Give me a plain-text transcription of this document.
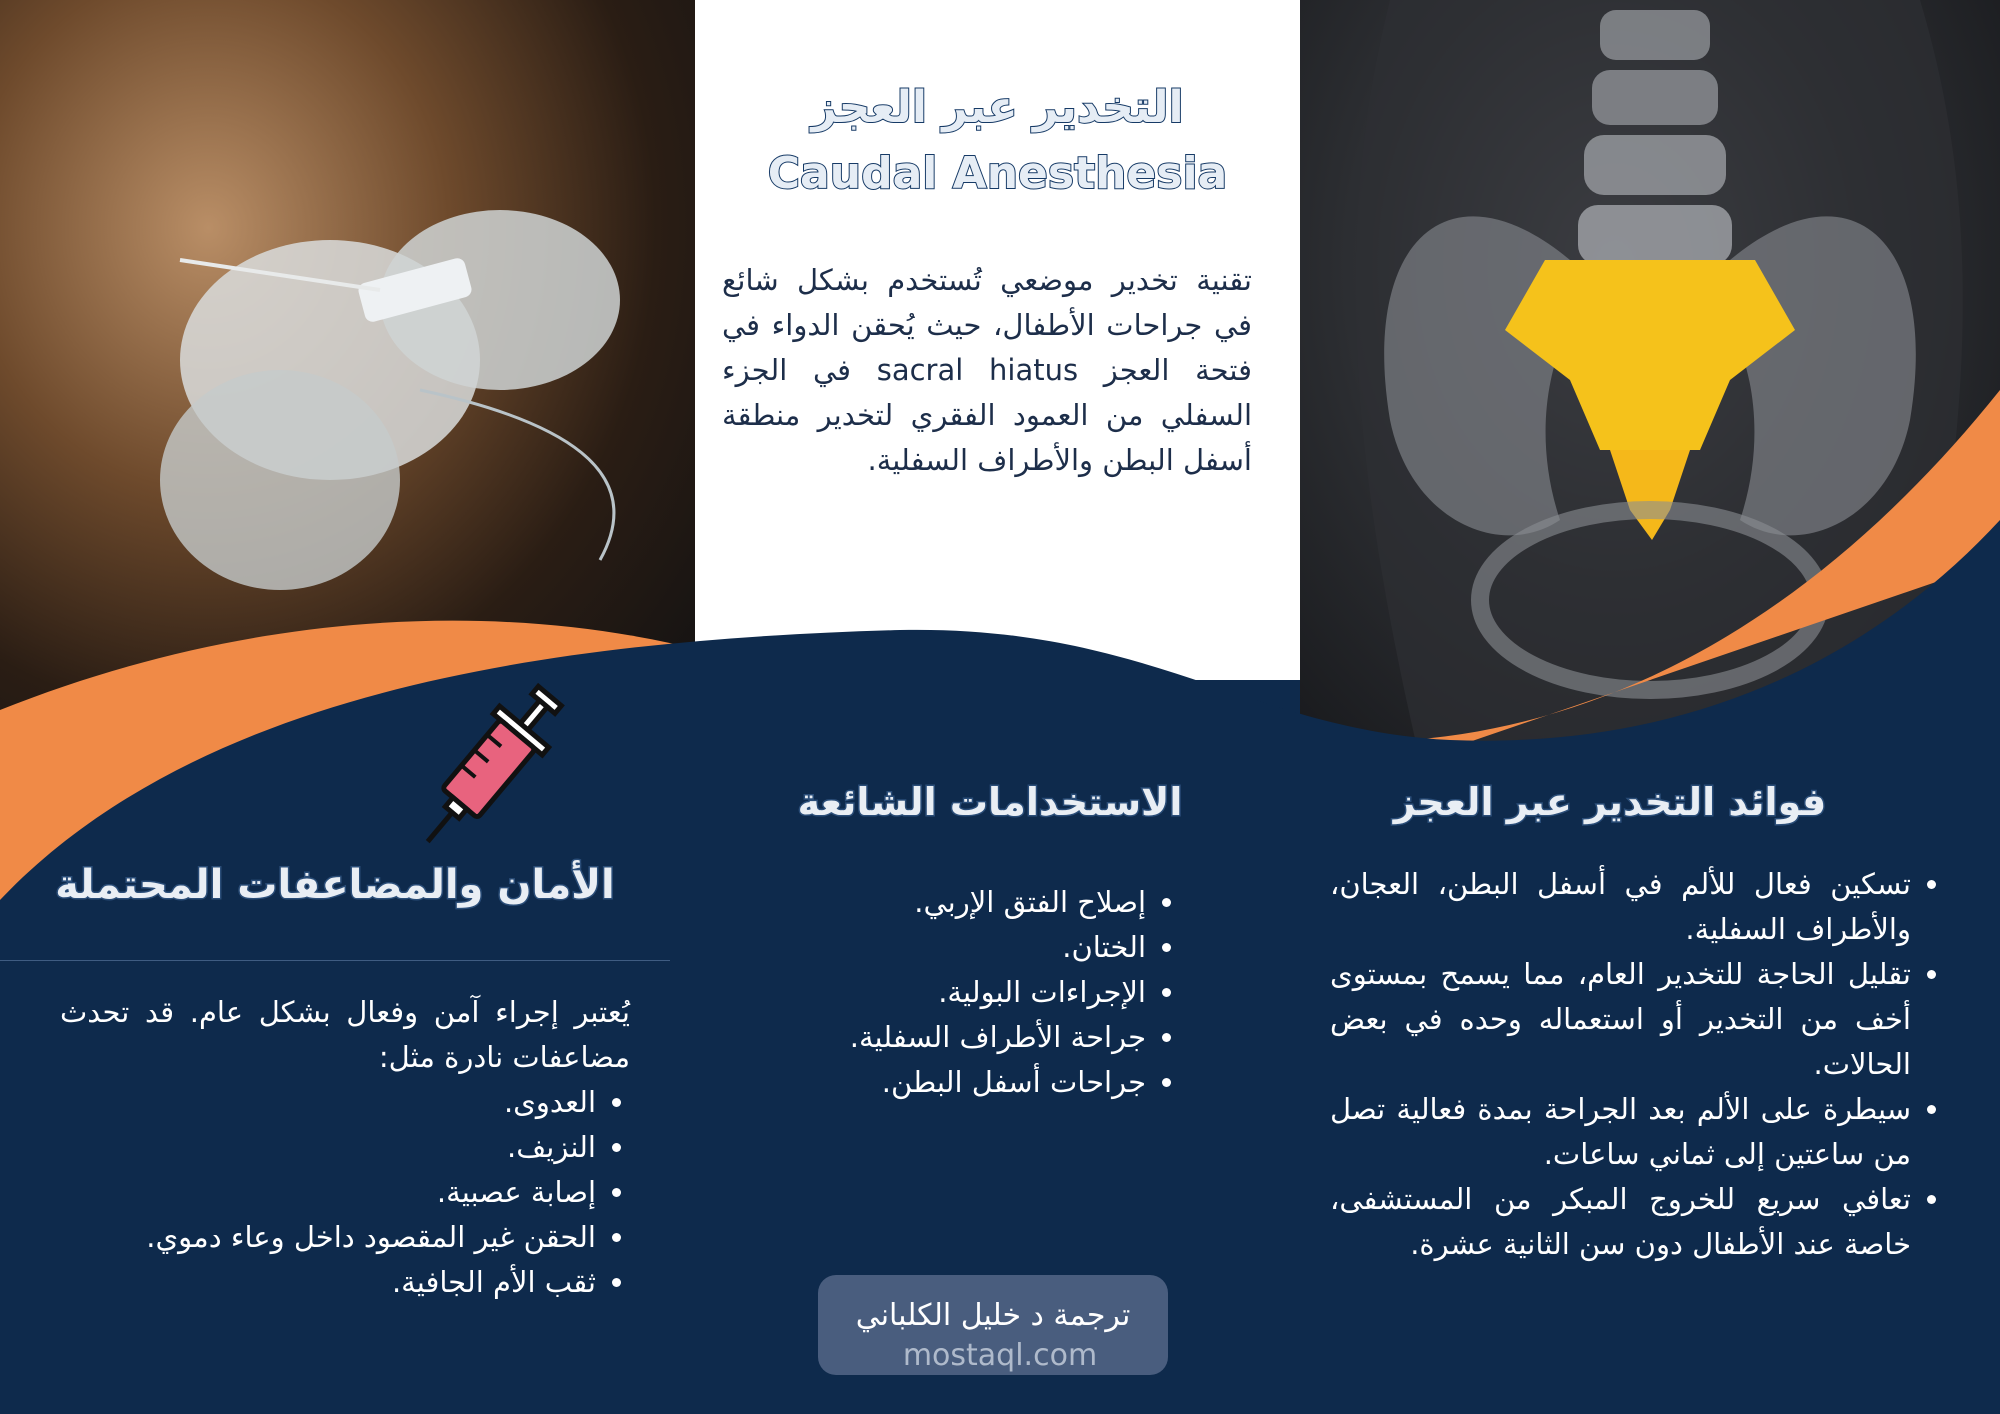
التخدير عبر العجز
Caudal Anesthesia
تقنية تخدير موضعي تُستخدم بشكل شائع في جراحات الأطفال، حيث يُحقن الدواء في فتحة العجز sacral hiatus في الجزء السفلي من العمود الفقري لتخدير منطقة أسفل البطن والأطراف السفلية.
الأمان والمضاعفات المحتملة
يُعتبر إجراء آمن وفعال بشكل عام. قد تحدث مضاعفات نادرة مثل:
• العدوى.
• النزيف.
• إصابة عصبية.
• الحقن غير المقصود داخل وعاء دموي.
• ثقب الأم الجافية.
الاستخدامات الشائعة
• إصلاح الفتق الإربي.
• الختان.
• الإجراءات البولية.
• جراحة الأطراف السفلية.
• جراحات أسفل البطن.
فوائد التخدير عبر العجز
• تسكين فعال للألم في أسفل البطن، العجان، والأطراف السفلية.
• تقليل الحاجة للتخدير العام، مما يسمح بمستوى أخف من التخدير أو استعماله وحده في بعض الحالات.
• سيطرة على الألم بعد الجراحة بمدة فعالية تصل من ساعتين إلى ثماني ساعات.
• تعافي سريع للخروج المبكر من المستشفى، خاصة عند الأطفال دون سن الثانية عشرة.
ترجمة د خليل الكلباني
mostaql.com
